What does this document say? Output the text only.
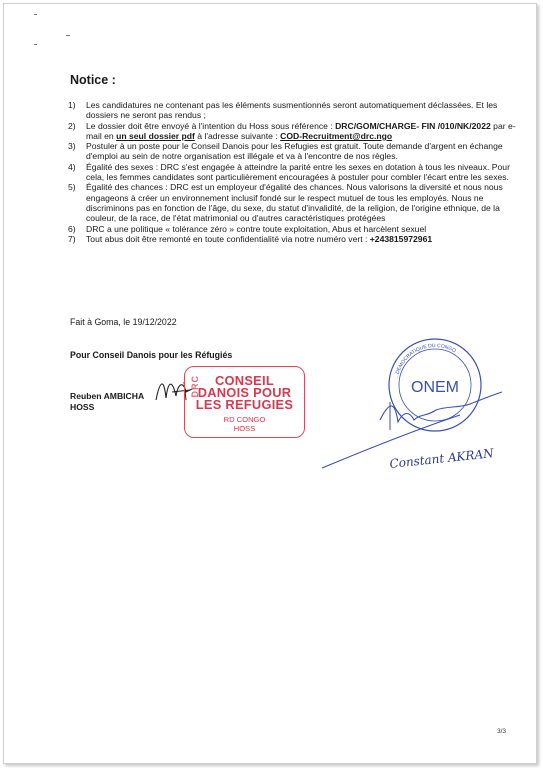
Notice :
1)	Les candidatures ne contenant pas les éléments susmentionnés seront automatiquement déclassées. Et les dossiers ne seront pas rendus ;
2)	Le dossier doit être envoyé à l'intention du Hoss sous référence : DRC/GOM/CHARGE- FIN /010/NK/2022 par e-mail en un seul dossier pdf à l'adresse suivante : COD-Recruitment@drc.ngo
3)	Postuler à un poste pour le Conseil Danois pour les Refugies est gratuit. Toute demande d'argent en échange d'emploi au sein de notre organisation est illégale et va à l'encontre de nos règles.
4)	Égalité des sexes : DRC s'est engagée à atteindre la parité entre les sexes en dotation à tous les niveaux. Pour cela, les femmes candidates sont particulièrement encouragées à postuler pour combler l'écart entre les sexes.
5)	Égalité des chances : DRC est un employeur d'égalité des chances. Nous valorisons la diversité et nous nous engageons à créer un environnement inclusif fondé sur le respect mutuel de tous les employés. Nous ne discriminons pas en fonction de l'âge, du sexe, du statut d'invalidité, de la religion, de l'origine ethnique, de la couleur, de la race, de l'état matrimonial ou d'autres caractéristiques protégées
6)	DRC a une politique « tolérance zéro » contre toute exploitation, Abus et harcèlent sexuel
7)	Tout abus doit être remonté en toute confidentialité via notre numéro vert : +243815972961
Fait à Goma, le 19/12/2022
Pour Conseil Danois pour les Réfugiés
Reuben AMBICHA
HOSS
CONSEIL
DANOIS POUR
LES REFUGIES
RD CONGO
HOSS
DRC	ONEM
…DEMOCRATIQUE DU CONGO
Constant AKRAN
3/3
